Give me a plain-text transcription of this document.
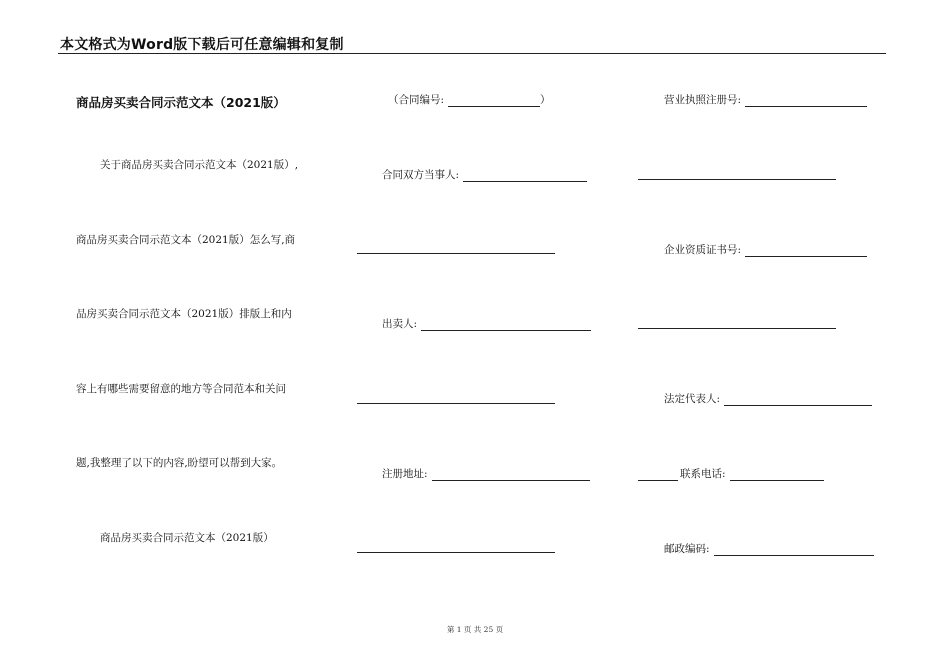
本文格式为Word版下载后可任意编辑和复制
商品房买卖合同示范文本（2021版）
关于商品房买卖合同示范文本（2021版）,
商品房买卖合同示范文本（2021版）怎么写,商
品房买卖合同示范文本（2021版）排版上和内
容上有哪些需要留意的地方等合同范本和关问
题,我整理了以下的内容,盼望可以帮到大家。
商品房买卖合同示范文本（2021版）
（合同编号:	）
合同双方当事人:
出卖人:
注册地址:
营业执照注册号:
企业资质证书号:
法定代表人:
联系电话:
邮政编码:
第 1 页 共 25 页
